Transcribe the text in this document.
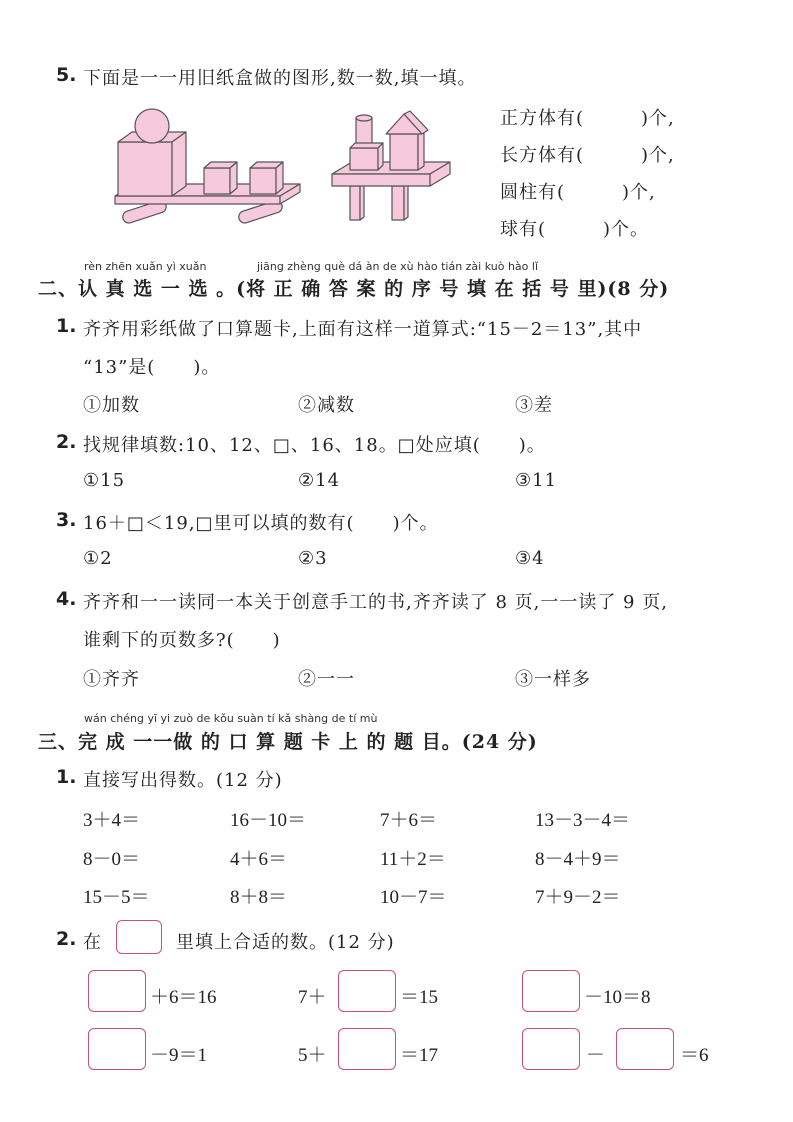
5. 下面是一一用旧纸盒做的图形,数一数,填一填。
正方体有(　　　)个,
长方体有(　　　)个,
圆柱有(　　　)个,
球有(　　　)个。
rèn zhēn xuǎn yì xuǎn	jiāng zhèng què dá àn de xù hào tián zài kuò hào lǐ
二、认 真 选 一 选 。(将 正 确 答 案 的 序 号 填 在 括 号 里)(8 分)
1. 齐齐用彩纸做了口算题卡,上面有这样一道算式:“15－2＝13”,其中
“13”是(　　)。
①加数	②减数	③差
2. 找规律填数:10、12、□、16、18。□处应填(　　)。
①15	②14	③11
3. 16＋□＜19,□里可以填的数有(　　)个。
①2	②3	③4
4. 齐齐和一一读同一本关于创意手工的书,齐齐读了 8 页,一一读了 9 页,
谁剩下的页数多?(　　)
①齐齐	②一一	③一样多
wán chéng yī yi zuò de kǒu suàn tí kǎ shàng de tí mù
三、完 成 一一做 的 口 算 题 卡 上 的 题 目。(24 分)
1. 直接写出得数。(12 分)
3＋4＝	16－10＝	7＋6＝	13－3－4＝
8－0＝	4＋6＝	11＋2＝	8－4＋9＝
15－5＝	8＋8＝	10－7＝	7＋9－2＝
2. 在	里填上合适的数。(12 分)
＋6＝16	7＋	＝15	－10＝8
－9＝1	5＋	＝17	－	＝6
